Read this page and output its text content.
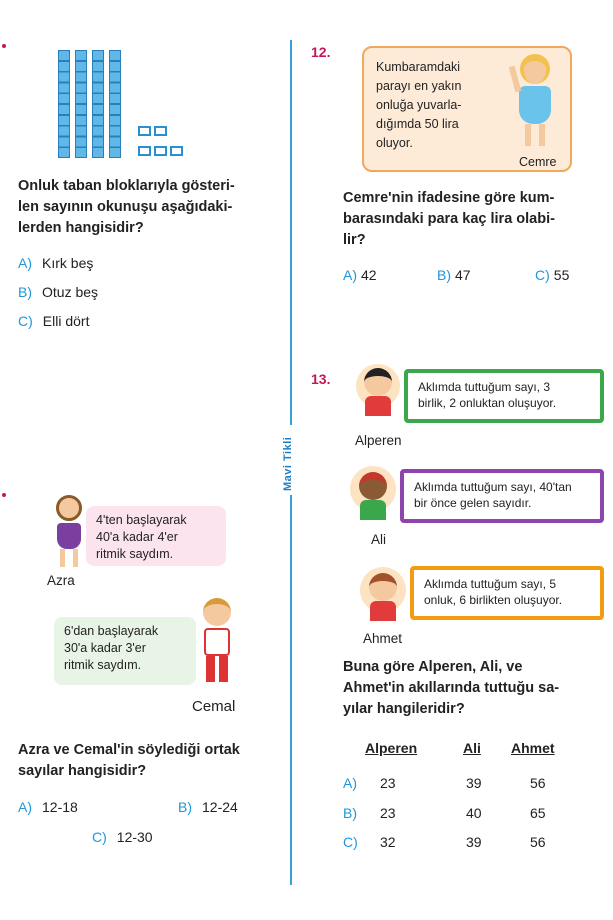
Onluk taban bloklarıyla gösteri-
len sayının okunuşu aşağıdaki-
lerden hangisidir?
A) Kırk beş
B) Otuz beş
C) Elli dört
4'ten başlayarak
40'a kadar 4'er
ritmik saydım.
Azra
6'dan başlayarak
30'a kadar 3'er
ritmik saydım.
Cemal
Azra ve Cemal'in söylediği ortak
sayılar hangisidir?
A) 12-18	B) 12-24
C) 12-30
Mavi Tikli
12.
Kumbaramdaki
parayı en yakın
onluğa yuvarla-
dığımda 50 lira
oluyor.
Cemre
Cemre'nin ifadesine göre kum-
barasındaki para kaç lira olabi-
lir?
A) 42	B) 47	C) 55
13.	Aklımda tuttuğum sayı, 3
birlik, 2 onluktan oluşuyor.
Alperen
Aklımda tuttuğum sayı, 40'tan
bir önce gelen sayıdır.
Ali
Aklımda tuttuğum sayı, 5
onluk, 6 birlikten oluşuyor.
Ahmet
Buna göre Alperen, Ali, ve
Ahmet'in akıllarında tuttuğu sa-
yılar hangileridir?
Alperen	Ali Ahmet
A) 23	39	56
B) 23	40	65
C) 32	39	56
